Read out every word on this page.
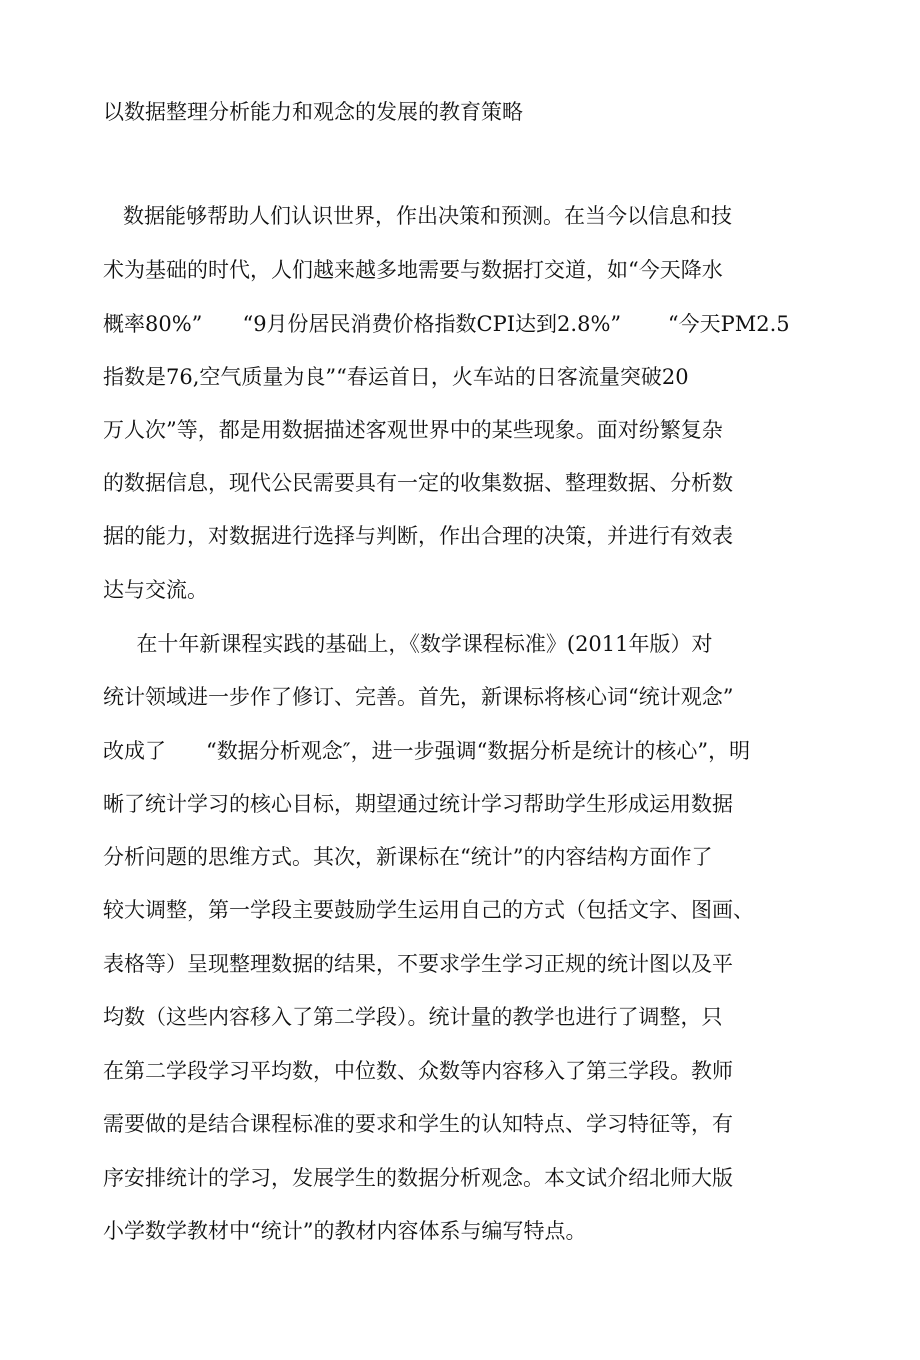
以数据整理分析能力和观念的发展的教育策略
数据能够帮助人们认识世界，作出决策和预测。在当今以信息和技
术为基础的时代，人们越来越多地需要与数据打交道，如“今天降水
概率80%”      “9月份居民消费价格指数CPI达到2.8%”       “今天PM2.5
指数是76,空气质量为良”“春运首日，火车站的日客流量突破20
万人次”等，都是用数据描述客观世界中的某些现象。面对纷繁复杂
的数据信息，现代公民需要具有一定的收集数据、整理数据、分析数
据的能力，对数据进行选择与判断，作出合理的决策，并进行有效表
达与交流。
在十年新课程实践的基础上，《数学课程标准》(2011年版）对
统计领域进一步作了修订、完善。首先，新课标将核心词“统计观念”
改成了      “数据分析观念″，进一步强调“数据分析是统计的核心”，明
晰了统计学习的核心目标，期望通过统计学习帮助学生形成运用数据
分析问题的思维方式。其次，新课标在“统计”的内容结构方面作了
较大调整，第一学段主要鼓励学生运用自己的方式（包括文字、图画、
表格等）呈现整理数据的结果，不要求学生学习正规的统计图以及平
均数（这些内容移入了第二学段）。统计量的教学也进行了调整，只
在第二学段学习平均数，中位数、众数等内容移入了第三学段。教师
需要做的是结合课程标准的要求和学生的认知特点、学习特征等，有
序安排统计的学习，发展学生的数据分析观念。本文试介绍北师大版
小学数学教材中“统计”的教材内容体系与编写特点。
